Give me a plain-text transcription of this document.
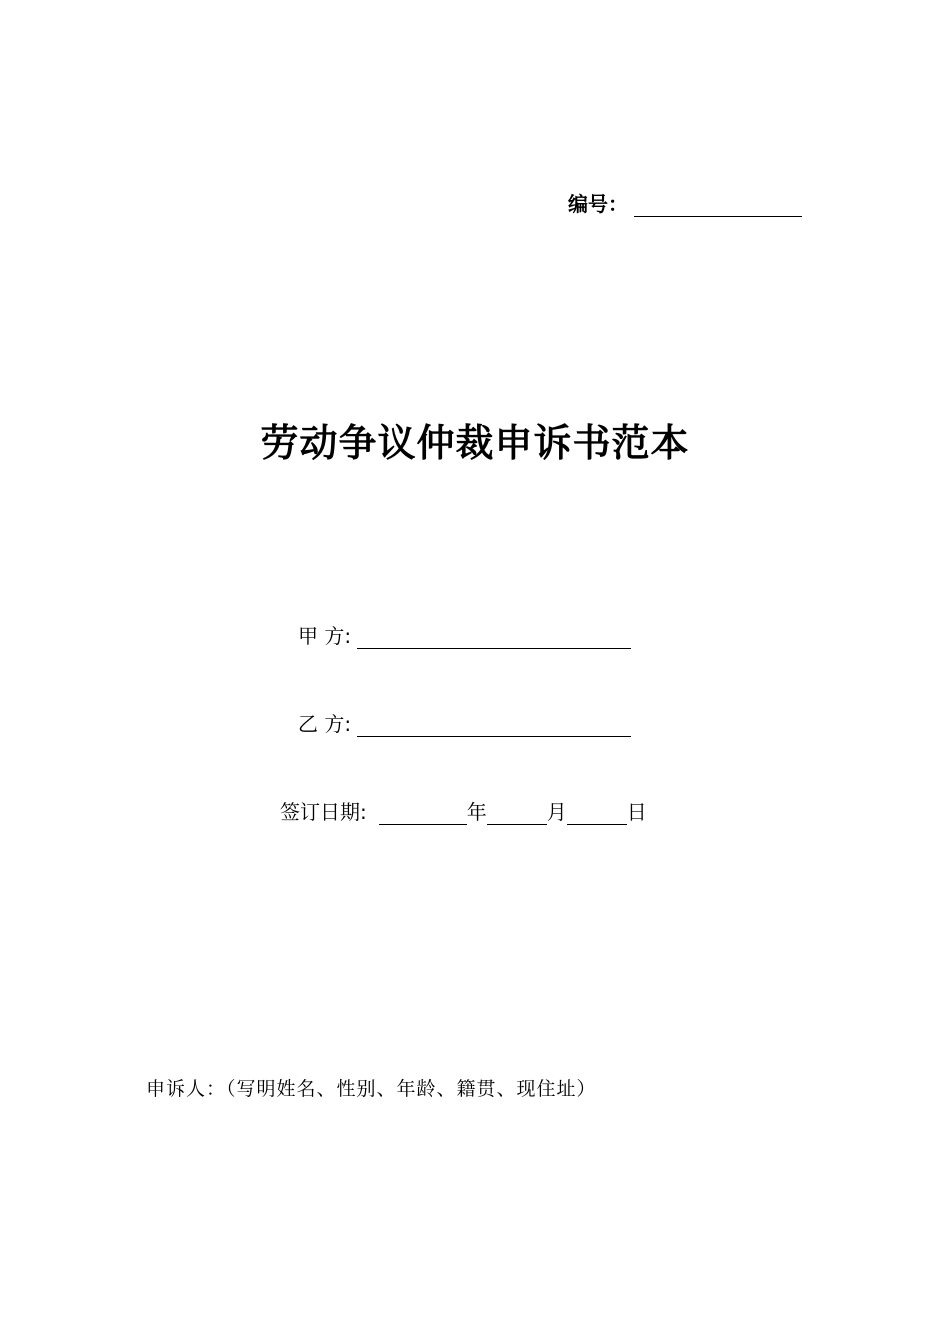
编号：
劳动争议仲裁申诉书范本
甲 方:
乙 方:
签订日期:	年	月	日
申诉人：（写明姓名、性别、年龄、籍贯、现住址）
